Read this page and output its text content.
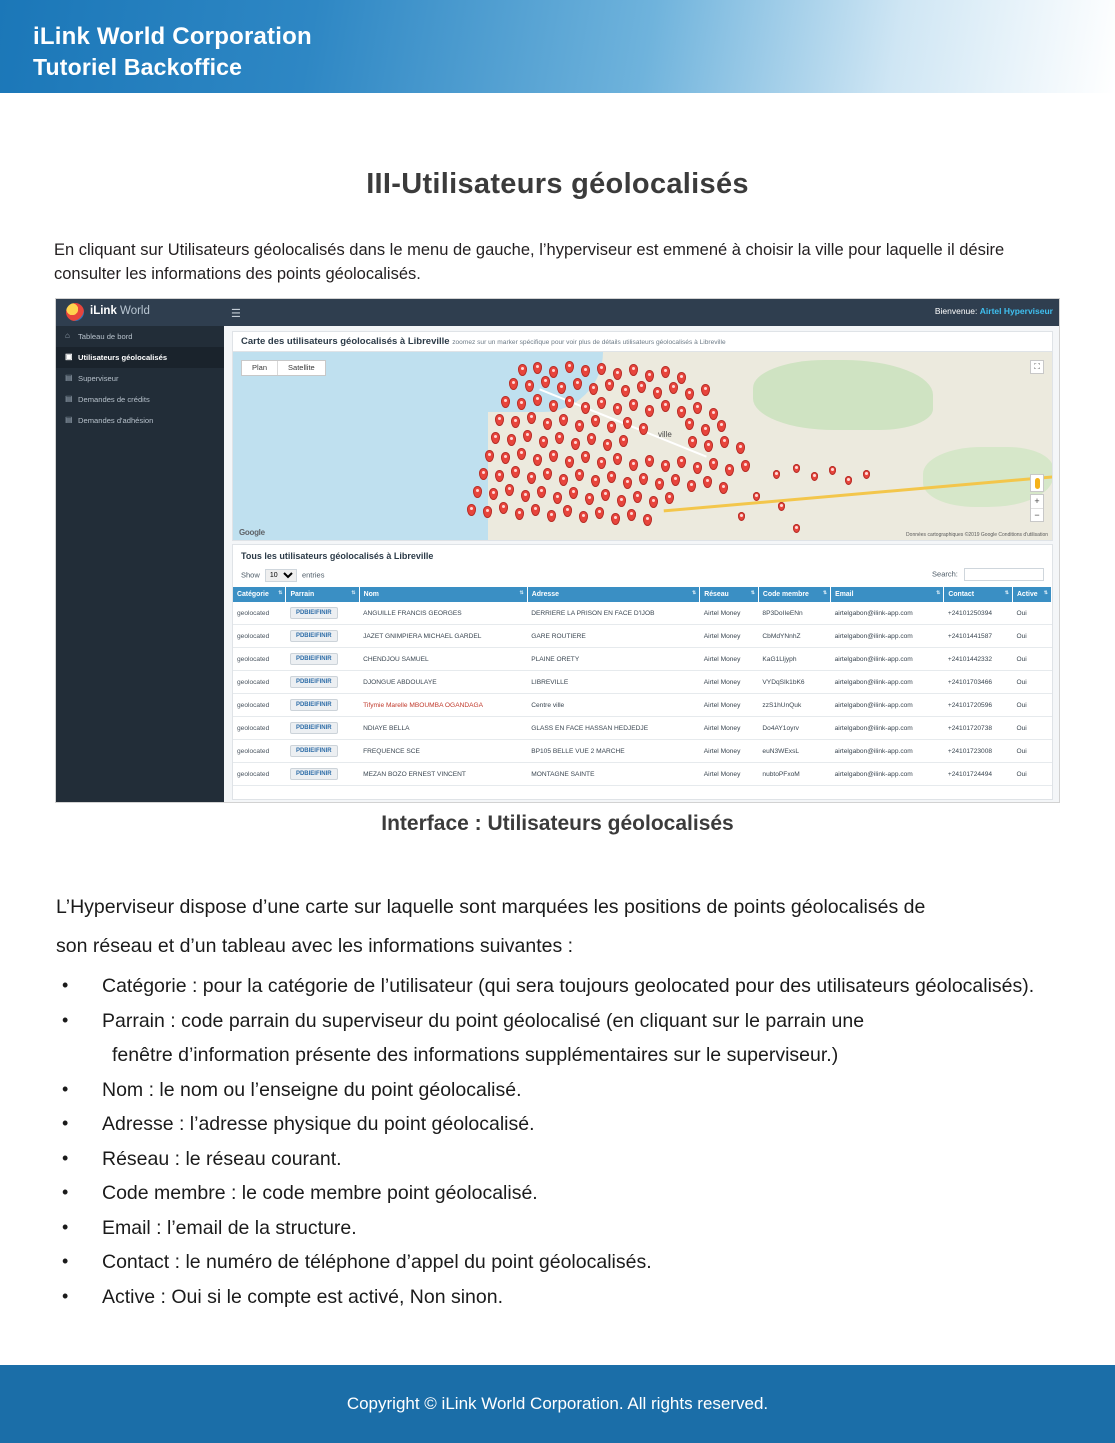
iLink World Corporation
Tutoriel Backoffice
III-Utilisateurs géolocalisés
En cliquant sur Utilisateurs géolocalisés dans le menu de gauche, l’hyperviseur est emmené à choisir la ville pour laquelle il désire consulter les informations des points géolocalisés.
iLink World	☰	Bienvenue: Airtel Hyperviseur
⌂	Tableau de bord
▣ Utilisateurs géolocalisés
▤ Superviseur
▤ Demandes de crédits
▤ Demandes d'adhésion
Carte des utilisateurs géolocalisés à Libreville zoomez sur un marker spécifique pour voir plus de détails utilisateurs géolocalisés à Libreville
ville
Plan	Satellite	⛶
+
−
Google	Données cartographiques ©2019 Google Conditions d'utilisation
Tous les utilisateurs géolocalisés à Libreville
Show
10	entries	Search:
Catégorie ⇅	Parrain ⇅	Nom ⇅	Adresse ⇅	Réseau ⇅	Code membre ⇅	Email ⇅	Contact ⇅	Active ⇅

geolocated	PDBIEIFINIR	ANGUILLE FRANCIS GEORGES	DERRIERE LA PRISON EN FACE D'IJOB	Airtel Money	8P3DoIIeENn	airtelgabon@ilink-app.com	+24101250394	Oui
geolocated	PDBIEIFINIR	JAZET GNIMPIERA MICHAEL GARDEL	GARE ROUTIERE	Airtel Money	CbMdYNnhZ	airtelgabon@ilink-app.com	+24101441587	Oui
geolocated	PDBIEIFINIR	CHENDJOU SAMUEL	PLAINE ORETY	Airtel Money	KaG1Lljyph	airtelgabon@ilink-app.com	+24101442332	Oui
geolocated	PDBIEIFINIR	DJONGUE ABDOULAYE	LIBREVILLE	Airtel Money	VYDqSIk1bK6	airtelgabon@ilink-app.com	+24101703466	Oui
geolocated	PDBIEIFINIR	Tifymie Marelle MBOUMBA OGANDAGA	Centre ville	Airtel Money	zzS1hUnQuk	airtelgabon@ilink-app.com	+24101720596	Oui
geolocated	PDBIEIFINIR	NDIAYE BELLA	GLASS EN FACE HASSAN HEDJEDJE	Airtel Money	Do4AY1oyrv	airtelgabon@ilink-app.com	+24101720738	Oui
geolocated	PDBIEIFINIR	FREQUENCE SCE	BP105 BELLE VUE 2 MARCHE	Airtel Money	euN3WExsL	airtelgabon@ilink-app.com	+24101723008	Oui
geolocated	PDBIEIFINIR	MEZAN BOZO ERNEST VINCENT	MONTAGNE SAINTE	Airtel Money	nubtoPFxoM	airtelgabon@ilink-app.com	+24101724494	Oui
Interface : Utilisateurs géolocalisés

L’Hyperviseur dispose d’une carte sur laquelle sont marquées les positions de points géolocalisés de

son réseau et d’un tableau avec les informations suivantes :

• Catégorie : pour la catégorie de l’utilisateur (qui sera toujours geolocated pour des utilisateurs géolocalisés).
• Parrain : code parrain du superviseur du point géolocalisé (en cliquant sur le parrain une
fenêtre d’information présente des informations supplémentaires sur le superviseur.)
• Nom : le nom ou l’enseigne du point géolocalisé.
• Adresse : l’adresse physique du point géolocalisé.
• Réseau : le réseau courant.
• Code membre : le code membre point géolocalisé.
• Email : l’email de la structure.
• Contact : le numéro de téléphone d’appel du point géolocalisés.
• Active : Oui si le compte est activé, Non sinon.
Copyright © iLink World Corporation. All rights reserved.
